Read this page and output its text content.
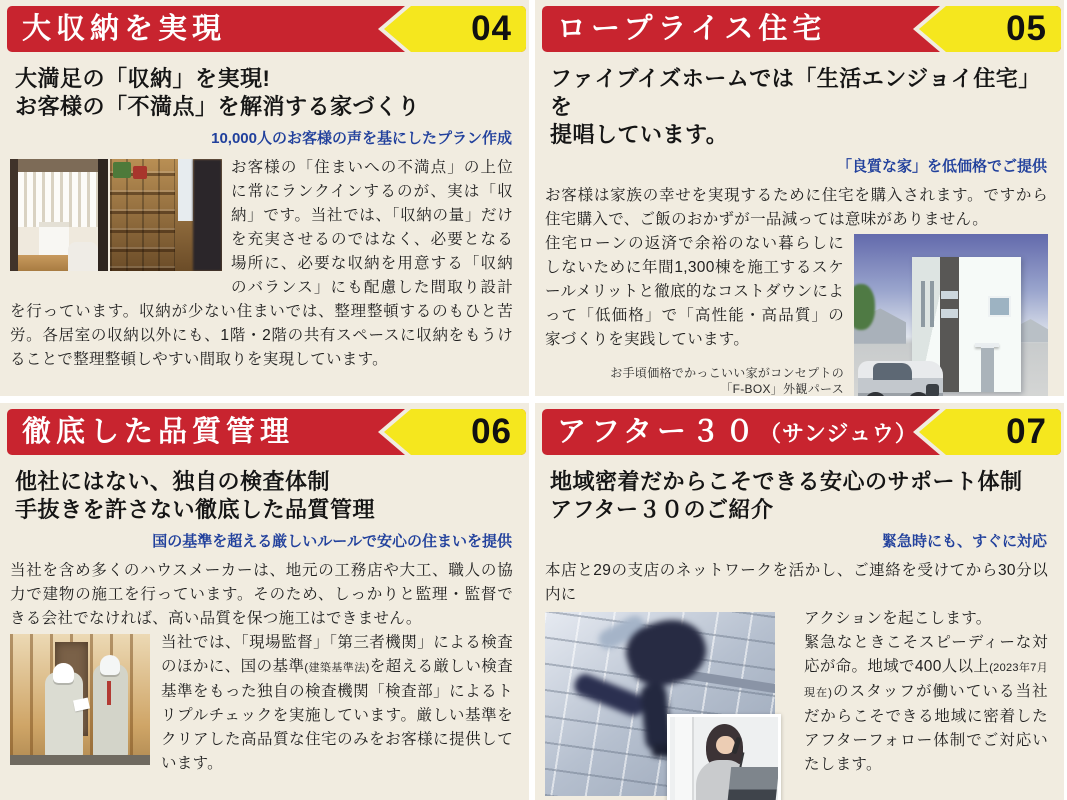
04
大収納を実現
大満足の「収納」を実現!
お客様の「不満点」を解消する家づくり
10,000人のお客様の声を基にしたプラン作成

お客様の「住まいへの不満点」の上位に常にランクインするのが、実は「収納」です。当社では、「収納の量」だけを充実させるのではなく、必要となる場所に、必要な収納を用意する「収納のバランス」にも配慮した間取り設計を行っています。収納が少ない住まいでは、整理整頓するのもひと苦労。各居室の収納以外にも、1階・2階の共有スペースに収納をもうけることで整理整頓しやすい間取りを実現しています。

05
ロープライス住宅
ファイブイズホームでは「生活エンジョイ住宅」を
提唱しています。
「良質な家」を低価格でご提供

お客様は家族の幸せを実現するために住宅を購入されます。ですから住宅購入で、ご飯のおかずが一品減っては意味がありません。

住宅ローンの返済で余裕のない暮らしにしないために年間1,300棟を施工するスケールメリットと徹底的なコストダウンによって「低価格」で「高性能・高品質」の家づくりを実践しています。

お手頃価格でかっこいい家がコンセプトの
「F-BOX」外観パース
06
徹底した品質管理
他社にはない、独自の検査体制
手抜きを許さない徹底した品質管理
国の基準を超える厳しいルールで安心の住まいを提供

当社を含め多くのハウスメーカーは、地元の工務店や大工、職人の協力で建物の施工を行っています。そのため、しっかりと監理・監督できる会社でなければ、高い品質を保つ施工はできません。

当社では、「現場監督」「第三者機関」による検査のほかに、国の基準(建築基準法)を超える厳しい検査基準をもった独自の検査機関「検査部」によるトリプルチェックを実施しています。厳しい基準をクリアした高品質な住宅のみをお客様に提供しています。

07
アフター３０（サンジュウ）
地域密着だからこそできる安心のサポート体制
アフター３０のご紹介
緊急時にも、すぐに対応

本店と29の支店のネットワークを活かし、ご連絡を受けてから30分以内に

アクションを起こします。

緊急なときこそスピーディーな対応が命。地域で400人以上(2023年7月現在)のスタッフが働いている当社だからこそできる地域に密着したアフターフォロー体制でご対応いたします。
